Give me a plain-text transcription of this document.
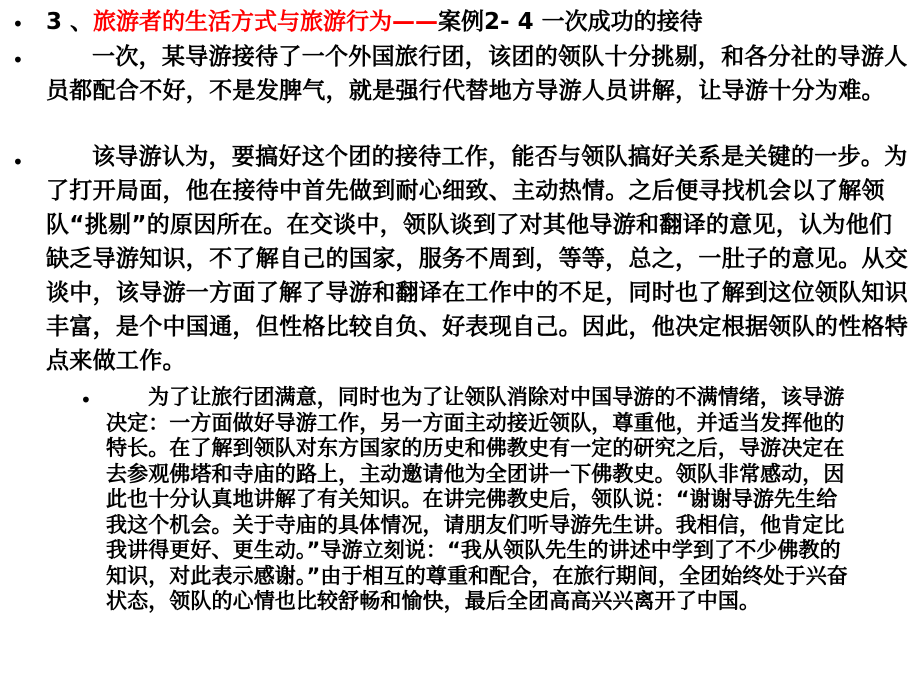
• 3 、旅游者的生活方式与旅游行为——案例2- 4 一次成功的接待
•	一次，某导游接待了一个外国旅行团，该团的领队十分挑剔，和各分社的导游人员都配合不好，不是发脾气，就是强行代替地方导游人员讲解，让导游十分为难。

•	该导游认为，要搞好这个团的接待工作，能否与领队搞好关系是关键的一步。为了打开局面，他在接待中首先做到耐心细致、主动热情。之后便寻找机会以了解领队“挑剔”的原因所在。在交谈中，领队谈到了对其他导游和翻译的意见，认为他们缺乏导游知识，不了解自己的国家，服务不周到，等等，总之，一肚子的意见。从交谈中，该导游一方面了解了导游和翻译在工作中的不足，同时也了解到这位领队知识丰富，是个中国通，但性格比较自负、好表现自己。因此，他决定根据领队的性格特点来做工作。

•	为了让旅行团满意，同时也为了让领队消除对中国导游的不满情绪，该导游决定：一方面做好导游工作，另一方面主动接近领队，尊重他，并适当发挥他的特长。在了解到领队对东方国家的历史和佛教史有一定的研究之后，导游决定在去参观佛塔和寺庙的路上，主动邀请他为全团讲一下佛教史。领队非常感动，因此也十分认真地讲解了有关知识。在讲完佛教史后，领队说：“谢谢导游先生给我这个机会。关于寺庙的具体情况，请朋友们听导游先生讲。我相信，他肯定比我讲得更好、更生动。”导游立刻说：“我从领队先生的讲述中学到了不少佛教的知识，对此表示感谢。”由于相互的尊重和配合，在旅行期间，全团始终处于兴奋状态，领队的心情也比较舒畅和愉快，最后全团高高兴兴离开了中国。
